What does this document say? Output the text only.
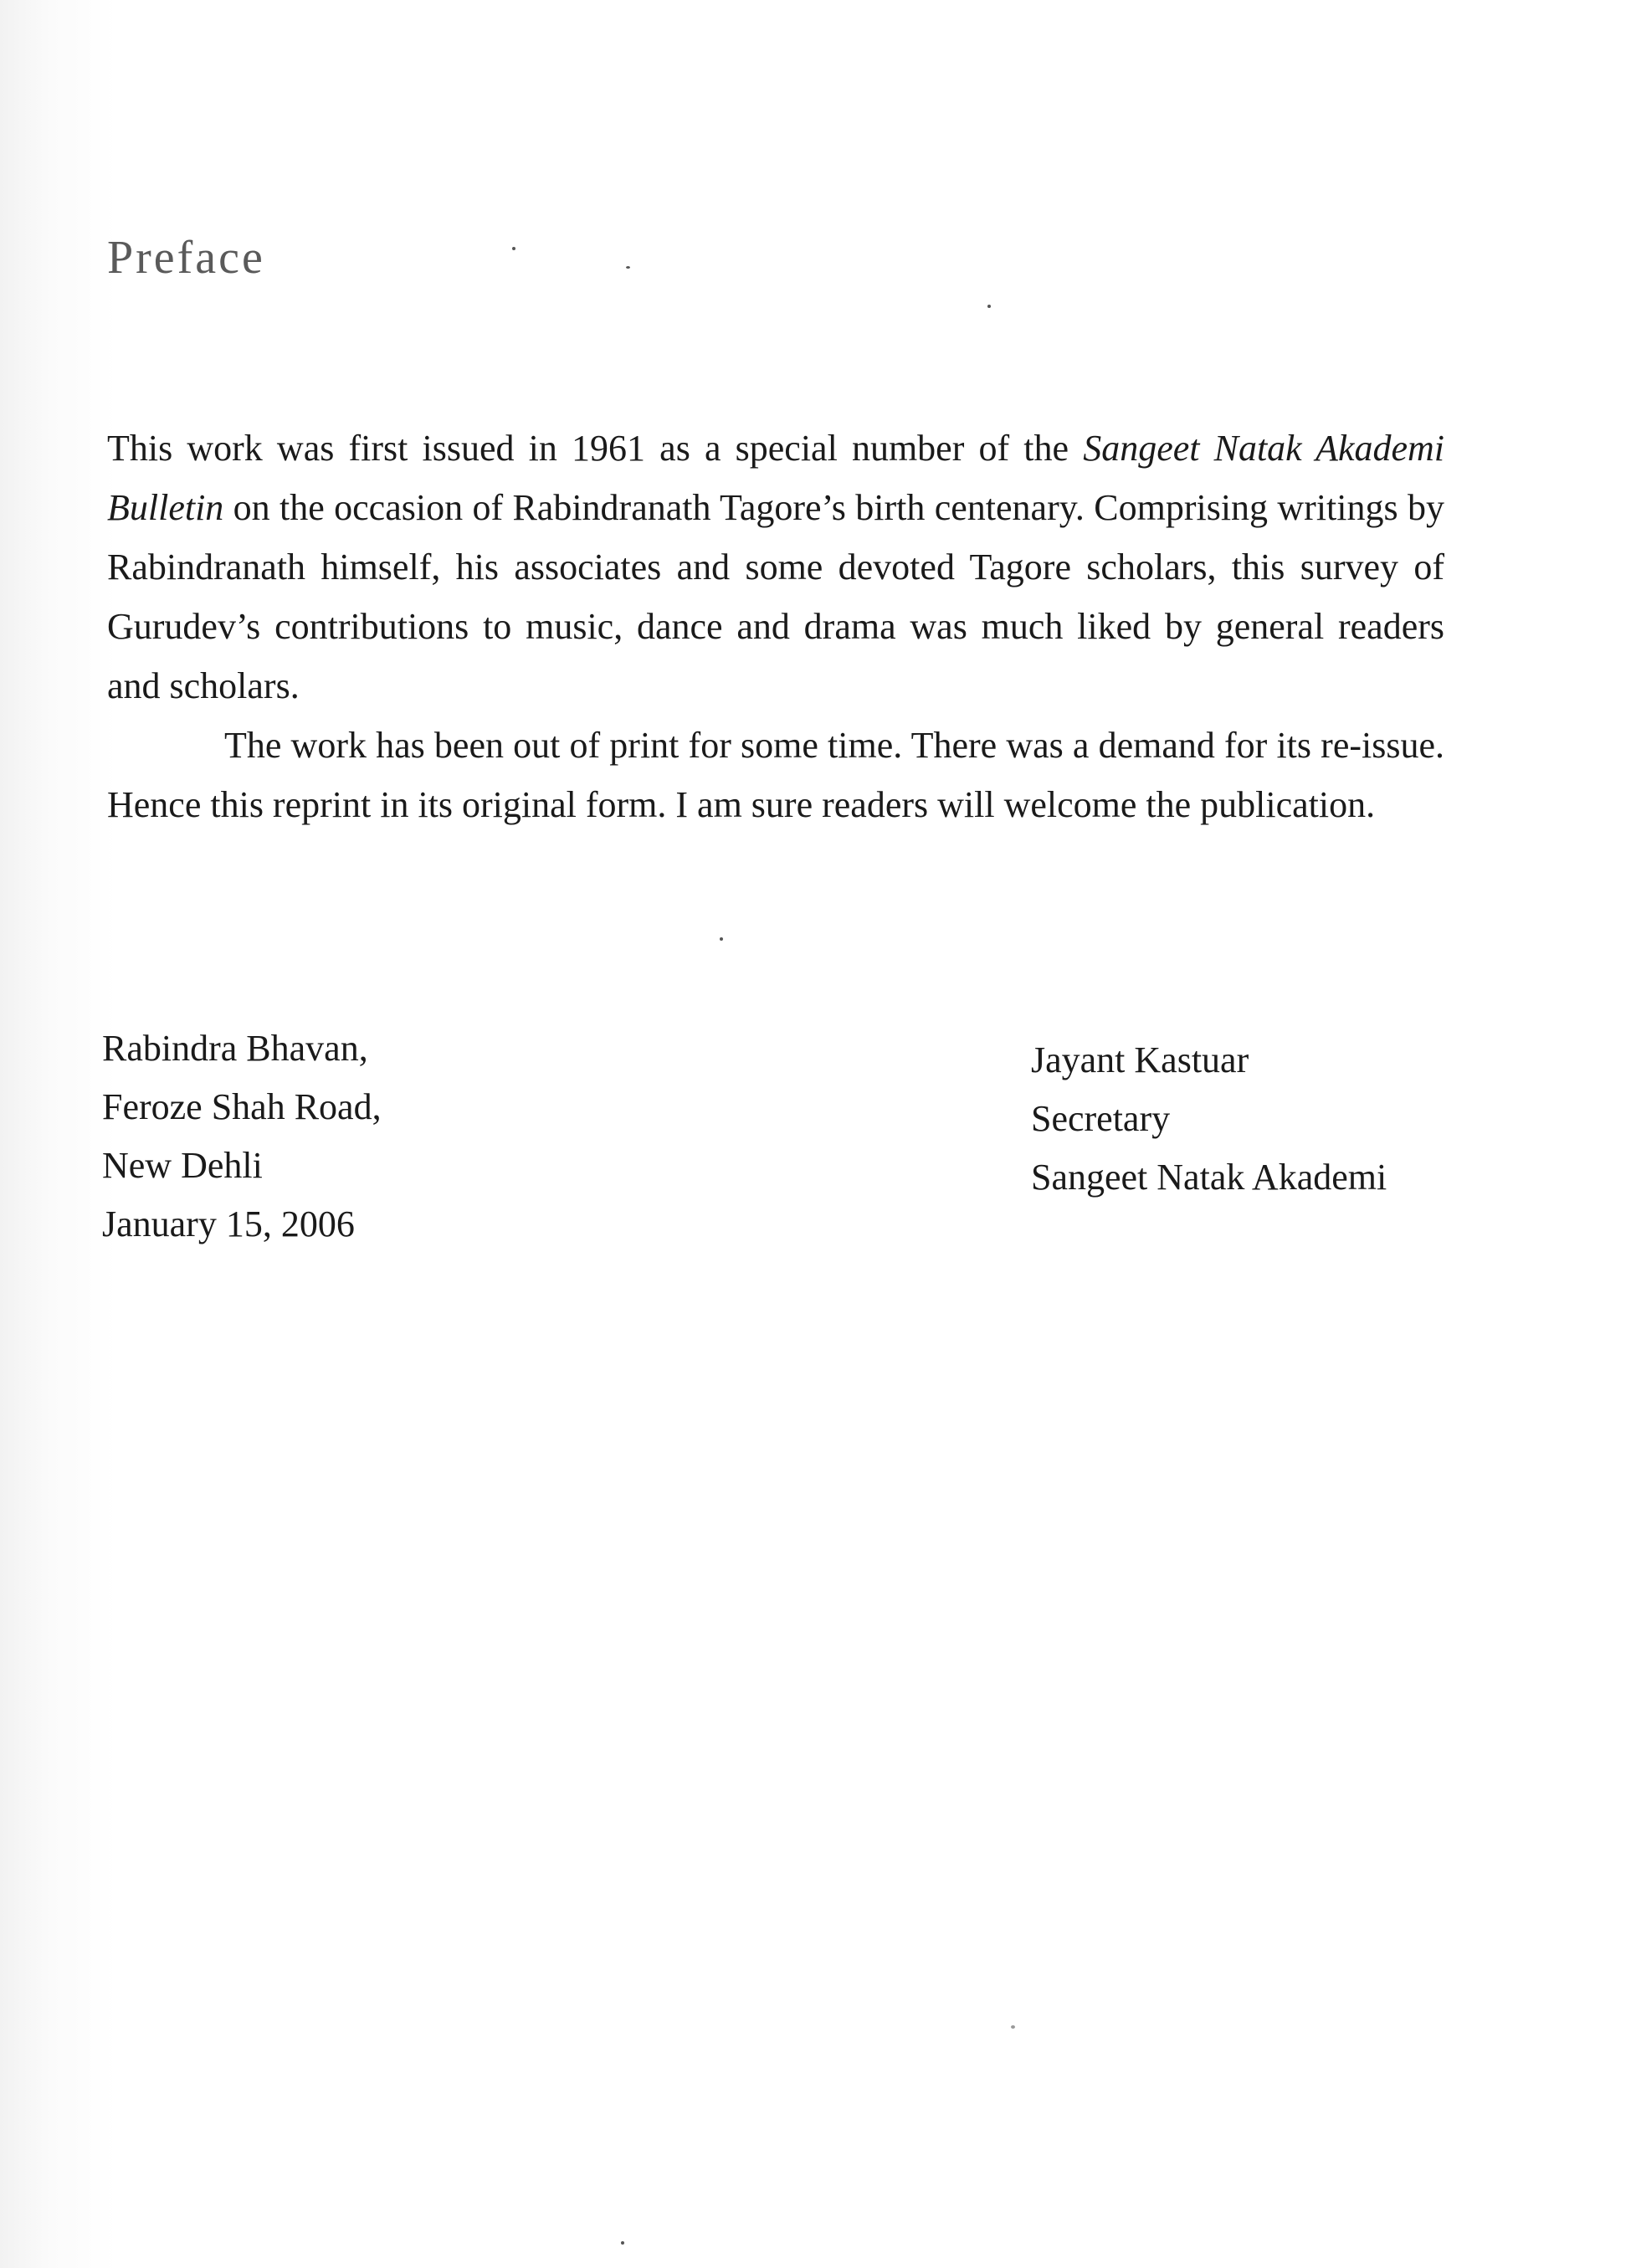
Preface

This work was first issued in 1961 as a special number of the Sangeet Natak Akademi Bulletin on the occasion of Rabindranath Tagore’s birth centenary. Comprising writings by Rabindranath himself, his associates and some devoted Tagore scholars, this survey of Gurudev’s contributions to music, dance and drama was much liked by general readers and scholars.

The work has been out of print for some time. There was a demand for its re-issue. Hence this reprint in its original form. I am sure readers will welcome the publication.

Rabindra Bhavan,
Feroze Shah Road,
New Dehli
January 15, 2006
Jayant Kastuar
Secretary
Sangeet Natak Akademi
